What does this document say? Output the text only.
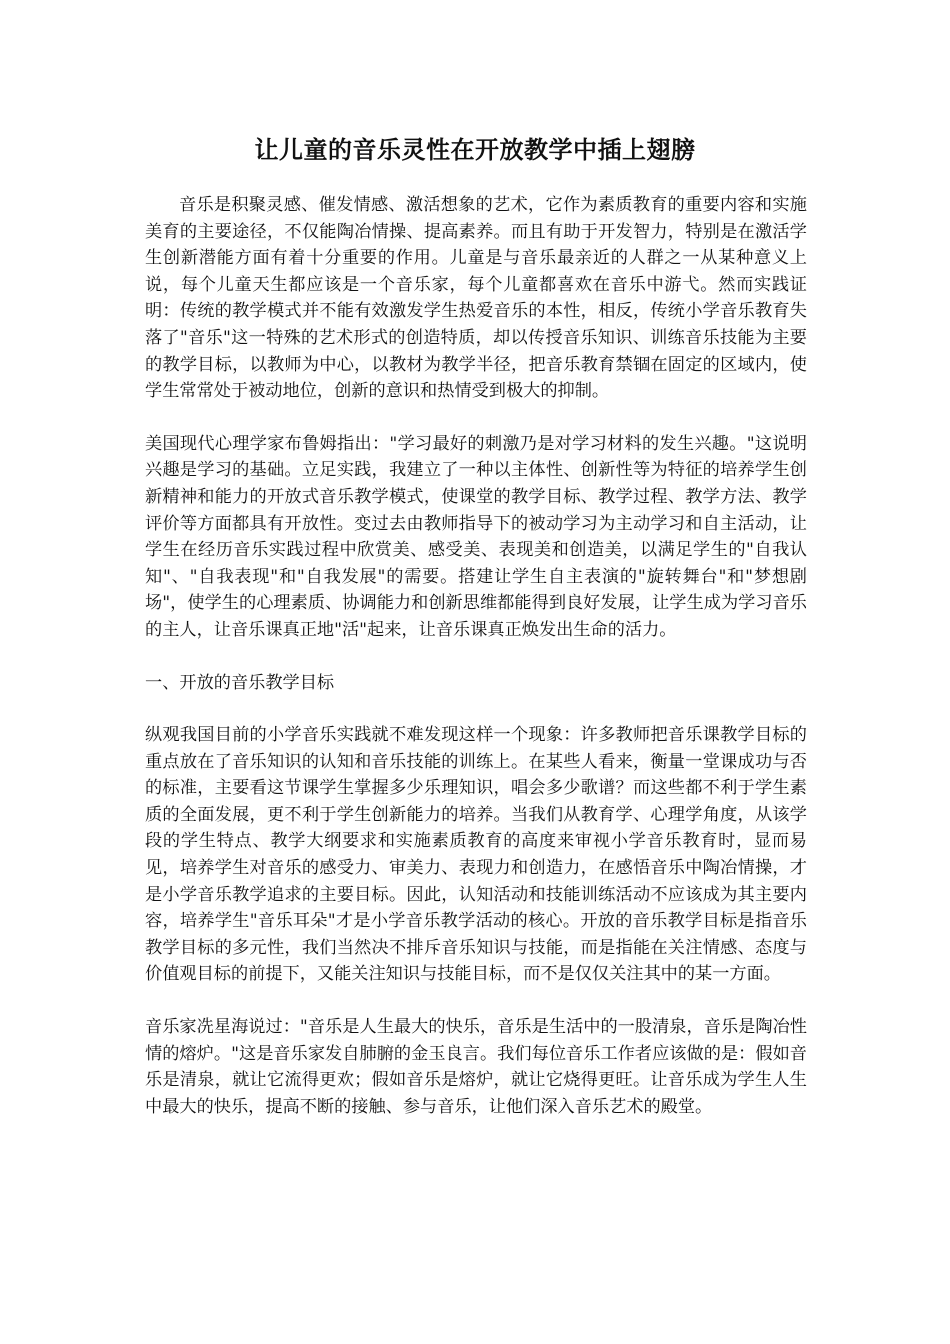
让儿童的音乐灵性在开放教学中插上翅膀

音乐是积聚灵感、催发情感、激活想象的艺术，它作为素质教育的重要内容和实施美育的主要途径，不仅能陶冶情操、提高素养。而且有助于开发智力，特别是在激活学生创新潜能方面有着十分重要的作用。儿童是与音乐最亲近的人群之一从某种意义上说，每个儿童天生都应该是一个音乐家，每个儿童都喜欢在音乐中游弋。然而实践证明：传统的教学模式并不能有效激发学生热爱音乐的本性，相反，传统小学音乐教育失落了"音乐"这一特殊的艺术形式的创造特质，却以传授音乐知识、训练音乐技能为主要的教学目标，以教师为中心，以教材为教学半径，把音乐教育禁锢在固定的区域内，使学生常常处于被动地位，创新的意识和热情受到极大的抑制。

美国现代心理学家布鲁姆指出："学习最好的刺激乃是对学习材料的发生兴趣。"这说明兴趣是学习的基础。立足实践，我建立了一种以主体性、创新性等为特征的培养学生创新精神和能力的开放式音乐教学模式，使课堂的教学目标、教学过程、教学方法、教学评价等方面都具有开放性。变过去由教师指导下的被动学习为主动学习和自主活动，让学生在经历音乐实践过程中欣赏美、感受美、表现美和创造美，以满足学生的"自我认知"、"自我表现"和"自我发展"的需要。搭建让学生自主表演的"旋转舞台"和"梦想剧场"，使学生的心理素质、协调能力和创新思维都能得到良好发展，让学生成为学习音乐的主人，让音乐课真正地"活"起来，让音乐课真正焕发出生命的活力。

一、开放的音乐教学目标

纵观我国目前的小学音乐实践就不难发现这样一个现象：许多教师把音乐课教学目标的重点放在了音乐知识的认知和音乐技能的训练上。在某些人看来，衡量一堂课成功与否的标准，主要看这节课学生掌握多少乐理知识，唱会多少歌谱？而这些都不利于学生素质的全面发展，更不利于学生创新能力的培养。当我们从教育学、心理学角度，从该学段的学生特点、教学大纲要求和实施素质教育的高度来审视小学音乐教育时，显而易见，培养学生对音乐的感受力、审美力、表现力和创造力，在感悟音乐中陶冶情操，才是小学音乐教学追求的主要目标。因此，认知活动和技能训练活动不应该成为其主要内容，培养学生"音乐耳朵"才是小学音乐教学活动的核心。开放的音乐教学目标是指音乐教学目标的多元性，我们当然决不排斥音乐知识与技能，而是指能在关注情感、态度与价值观目标的前提下，又能关注知识与技能目标，而不是仅仅关注其中的某一方面。

音乐家冼星海说过："音乐是人生最大的快乐，音乐是生活中的一股清泉，音乐是陶冶性情的熔炉。"这是音乐家发自肺腑的金玉良言。我们每位音乐工作者应该做的是：假如音乐是清泉，就让它流得更欢；假如音乐是熔炉，就让它烧得更旺。让音乐成为学生人生中最大的快乐，提高不断的接触、参与音乐，让他们深入音乐艺术的殿堂。
